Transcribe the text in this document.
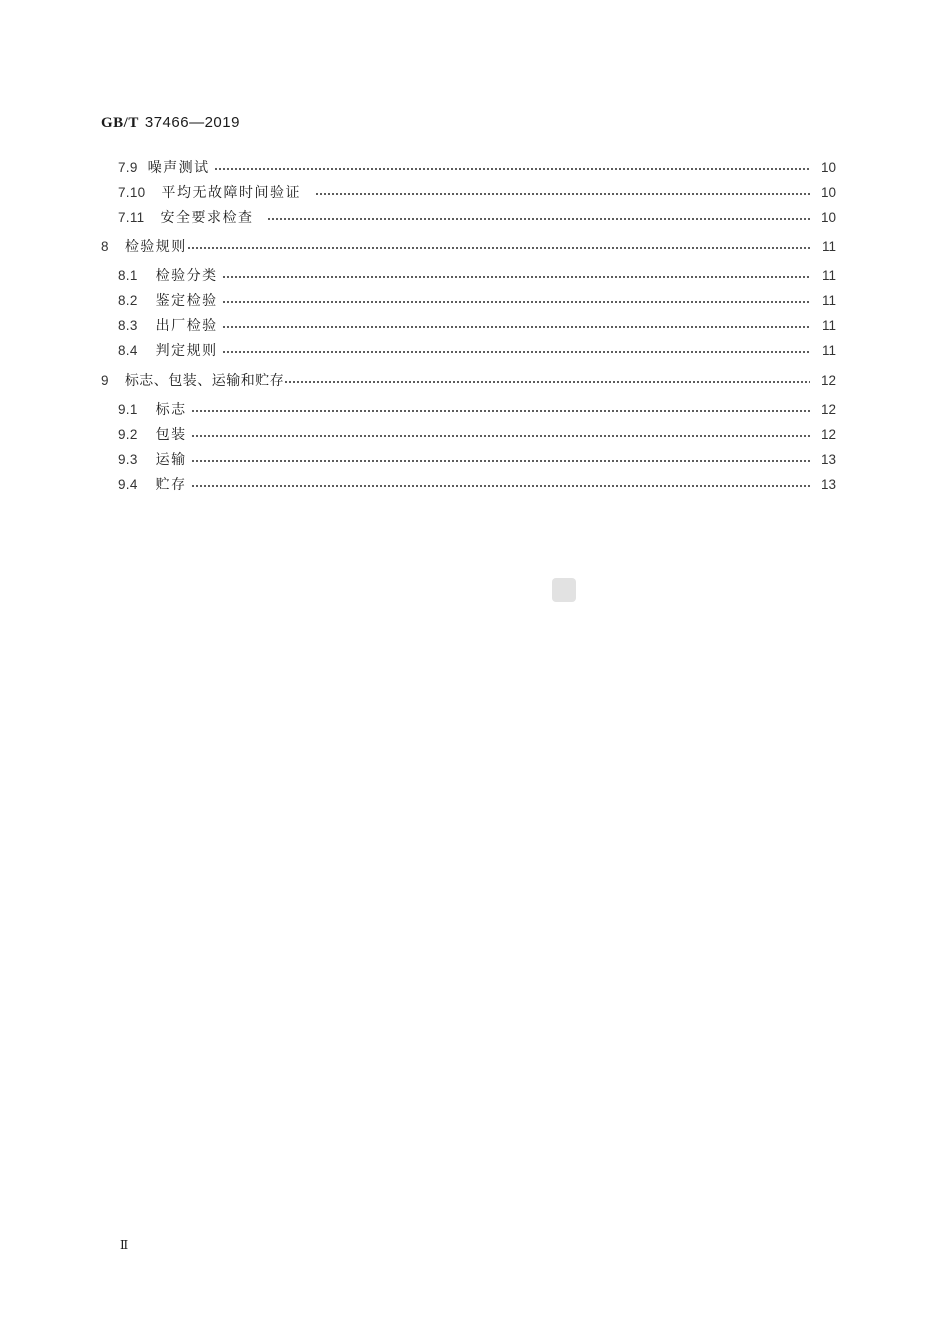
GB/T 37466—2019
7.9 噪声测试	10
7.10 平均无故障时间验证	10
7.11 安全要求检查	10
8 检验规则	11
8.1 检验分类	11
8.2 鉴定检验	11
8.3 出厂检验	11
8.4 判定规则	11
9 标志、包装、运输和贮存	12
9.1 标志	12
9.2 包装	12
9.3 运输	13
9.4 贮存	13
Ⅱ
